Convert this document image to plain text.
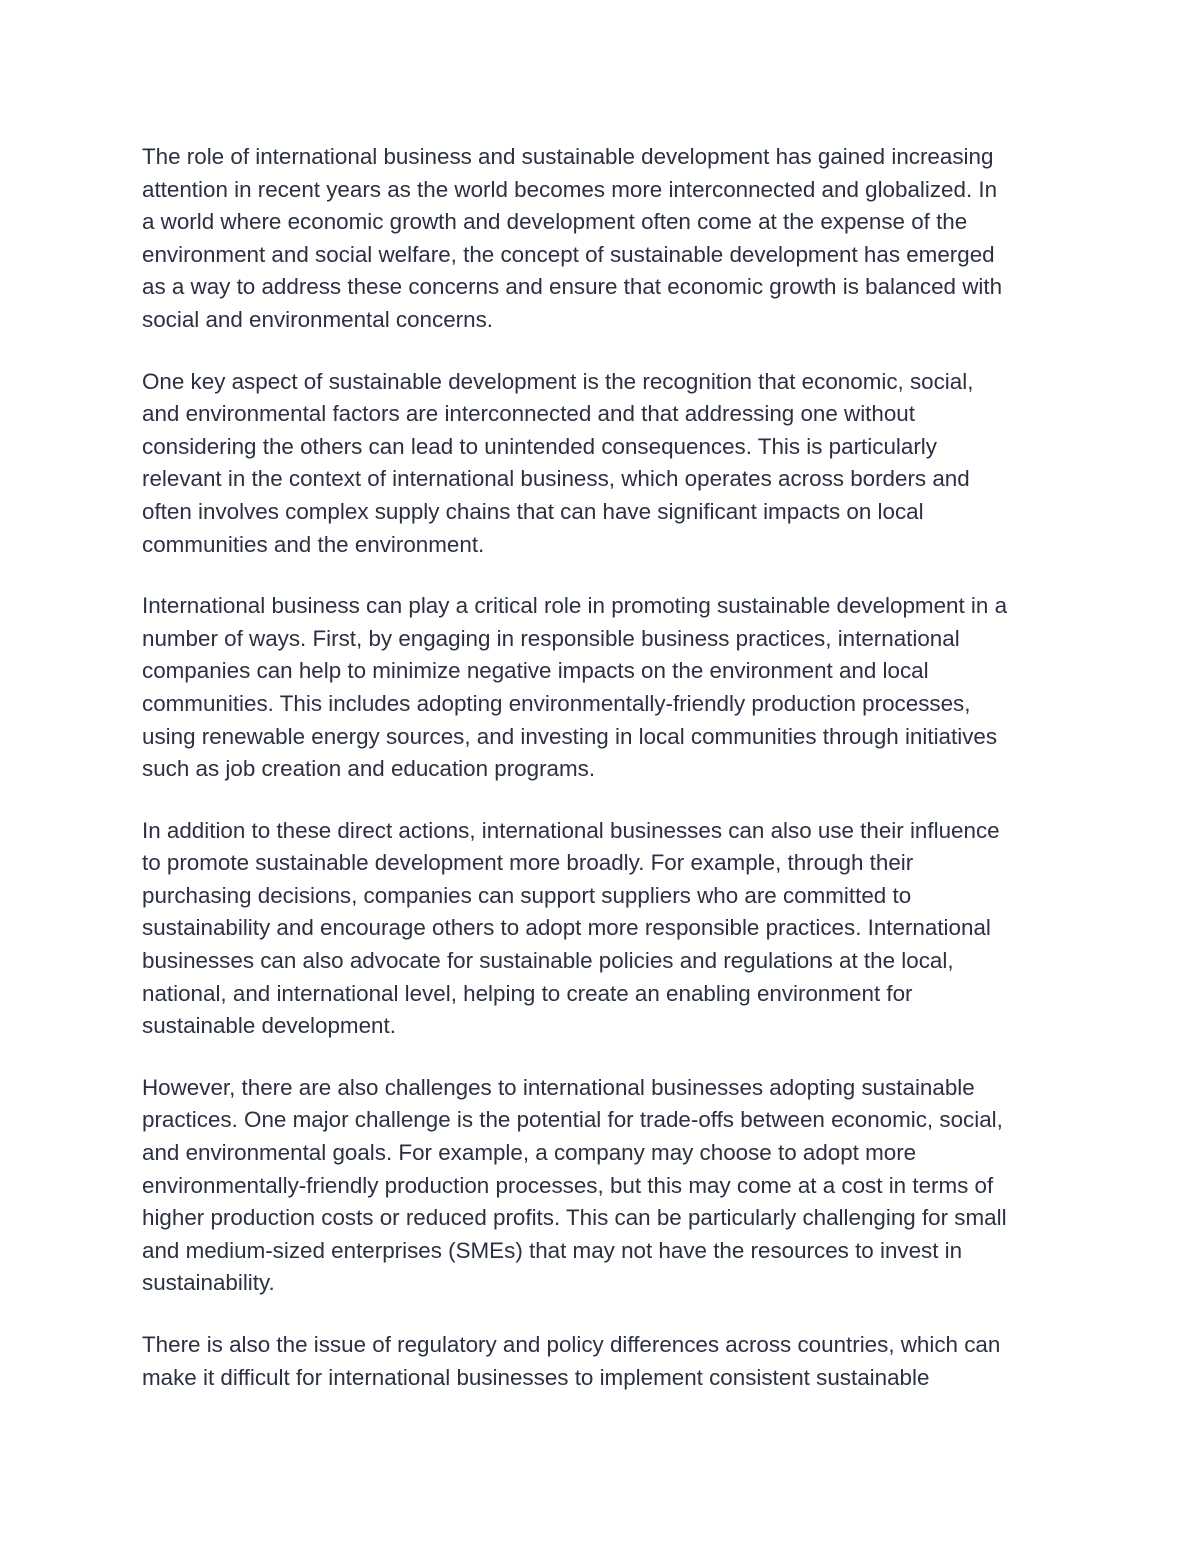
The role of international business and sustainable development has gained increasing
attention in recent years as the world becomes more interconnected and globalized. In
a world where economic growth and development often come at the expense of the
environment and social welfare, the concept of sustainable development has emerged
as a way to address these concerns and ensure that economic growth is balanced with
social and environmental concerns.

One key aspect of sustainable development is the recognition that economic, social,
and environmental factors are interconnected and that addressing one without
considering the others can lead to unintended consequences. This is particularly
relevant in the context of international business, which operates across borders and
often involves complex supply chains that can have significant impacts on local
communities and the environment.

International business can play a critical role in promoting sustainable development in a
number of ways. First, by engaging in responsible business practices, international
companies can help to minimize negative impacts on the environment and local
communities. This includes adopting environmentally-friendly production processes,
using renewable energy sources, and investing in local communities through initiatives
such as job creation and education programs.

In addition to these direct actions, international businesses can also use their influence
to promote sustainable development more broadly. For example, through their
purchasing decisions, companies can support suppliers who are committed to
sustainability and encourage others to adopt more responsible practices. International
businesses can also advocate for sustainable policies and regulations at the local,
national, and international level, helping to create an enabling environment for
sustainable development.

However, there are also challenges to international businesses adopting sustainable
practices. One major challenge is the potential for trade-offs between economic, social,
and environmental goals. For example, a company may choose to adopt more
environmentally-friendly production processes, but this may come at a cost in terms of
higher production costs or reduced profits. This can be particularly challenging for small
and medium-sized enterprises (SMEs) that may not have the resources to invest in
sustainability.

There is also the issue of regulatory and policy differences across countries, which can
make it difficult for international businesses to implement consistent sustainable
